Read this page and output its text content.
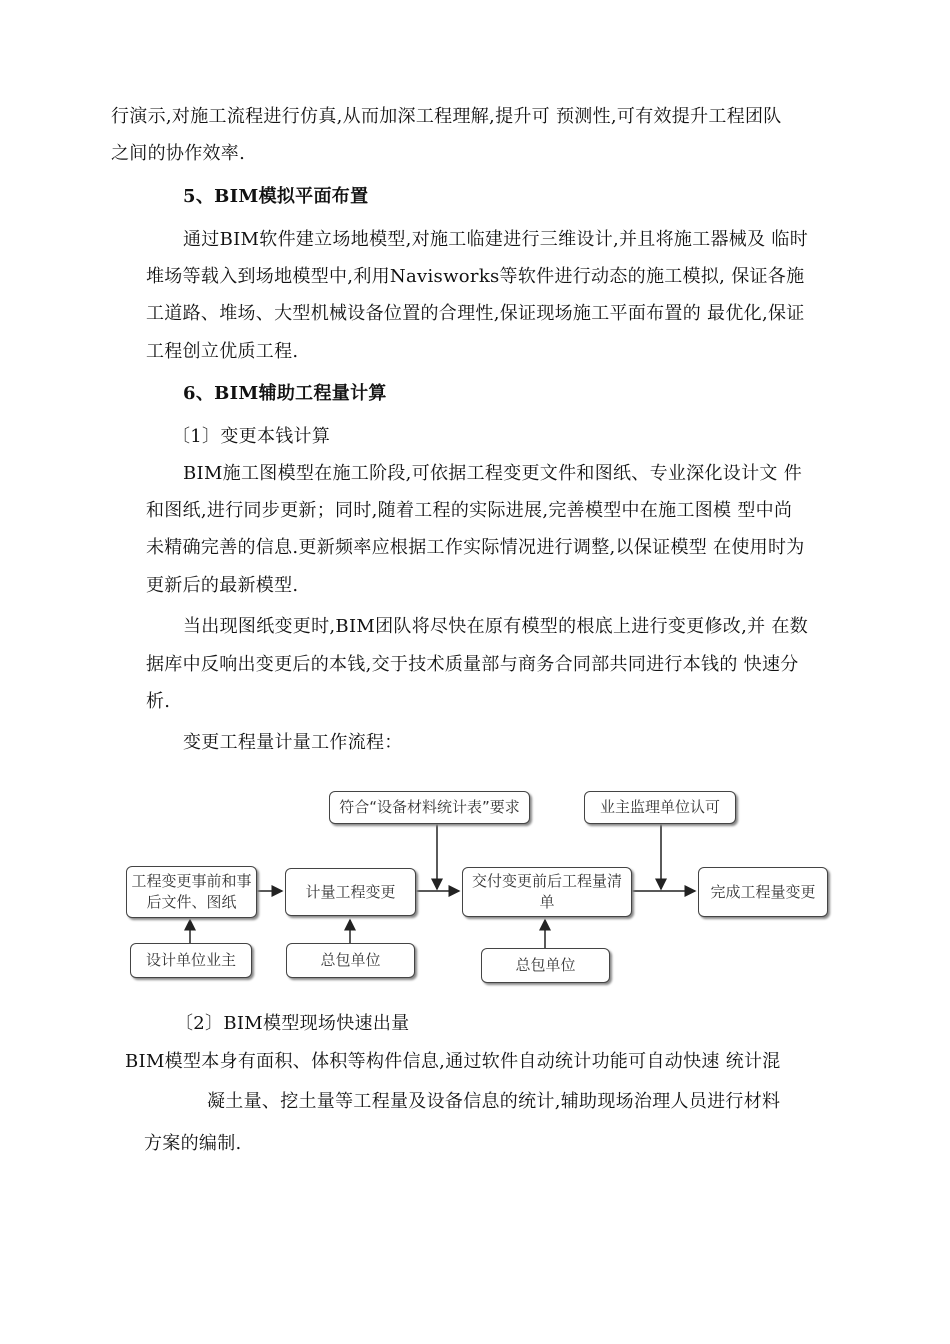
行演示,对施工流程进行仿真,从而加深工程理解,提升可 预测性,可有效提升工程团队
之间的协作效率.
5、BIM模拟平面布置
通过BIM软件建立场地模型,对施工临建进行三维设计,并且将施工器械及 临时
堆场等载入到场地模型中,利用Navisworks等软件进行动态的施工模拟, 保证各施
工道路、堆场、大型机械设备位置的合理性,保证现场施工平面布置的 最优化,保证
工程创立优质工程.
6、BIM辅助工程量计算
〔1〕变更本钱计算
BIM施工图模型在施工阶段,可依据工程变更文件和图纸、专业深化设计文 件
和图纸,进行同步更新；同时,随着工程的实际进展,完善模型中在施工图模 型中尚
未精确完善的信息.更新频率应根据工作实际情况进行调整,以保证模型 在使用时为
更新后的最新模型.
当出现图纸变更时,BIM团队将尽快在原有模型的根底上进行变更修改,并 在数
据库中反响出变更后的本钱,交于技术质量部与商务合同部共同进行本钱的 快速分
析.
变更工程量计量工作流程：
符合“设备材料统计表”要求	业主监理单位认可
工程变更事前和事
后文件、图纸
计量工程变更
交付变更前后工程量清单
完成工程量变更
设计单位业主	总包单位	总包单位
〔2〕BIM模型现场快速出量
BIM模型本身有面积、体积等构件信息,通过软件自动统计功能可自动快速 统计混
凝土量、挖土量等工程量及设备信息的统计,辅助现场治理人员进行材料
方案的编制.
